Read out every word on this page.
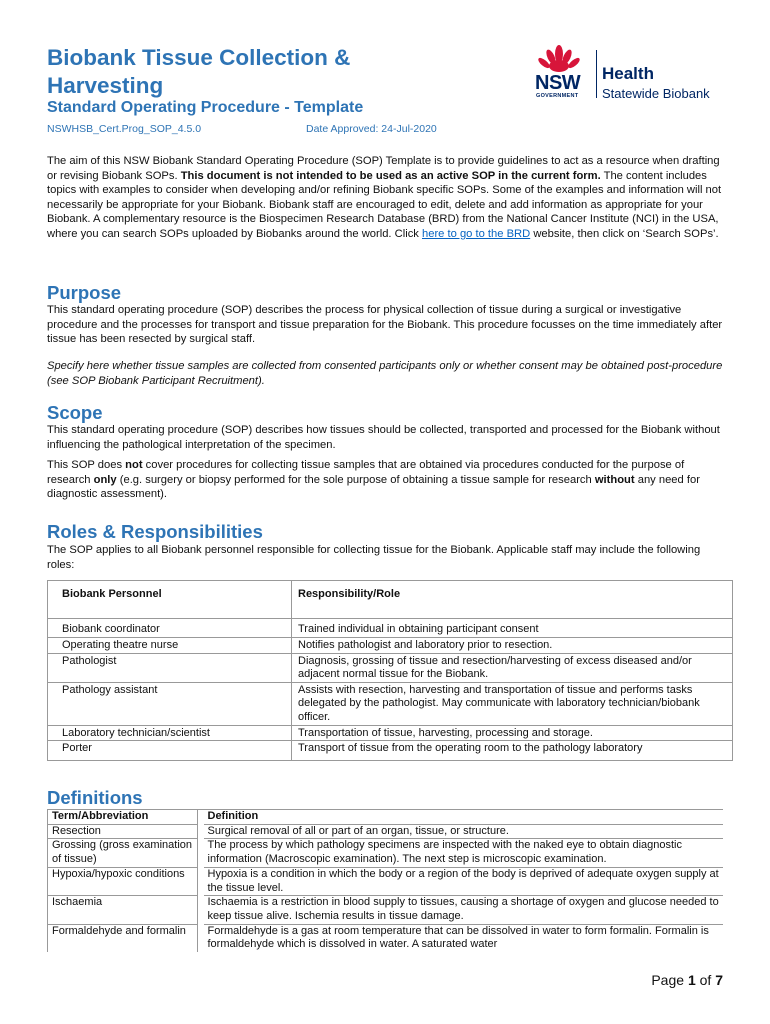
Biobank Tissue Collection & Harvesting
Standard Operating Procedure - Template
NSWHSB_Cert.Prog_SOP_4.5.0	Date Approved: 24-Jul-2020
NSW
GOVERNMENT
Health
Statewide Biobank
The aim of this NSW Biobank Standard Operating Procedure (SOP) Template is to provide guidelines to act as a resource when drafting or revising Biobank SOPs. This document is not intended to be used as an active SOP in the current form. The content includes topics with examples to consider when developing and/or refining Biobank specific SOPs. Some of the examples and information will not necessarily be appropriate for your Biobank. Biobank staff are encouraged to edit, delete and add information as appropriate for your Biobank. A complementary resource is the Biospecimen Research Database (BRD) from the National Cancer Institute (NCI) in the USA, where you can search SOPs uploaded by Biobanks around the world. Click here to go to the BRD website, then click on ‘Search SOPs’.
Purpose
This standard operating procedure (SOP) describes the process for physical collection of tissue during a surgical or investigative procedure and the processes for transport and tissue preparation for the Biobank. This procedure focusses on the time immediately after tissue has been resected by surgical staff.
Specify here whether tissue samples are collected from consented participants only or whether consent may be obtained post-procedure (see SOP Biobank Participant Recruitment).
Scope
This standard operating procedure (SOP) describes how tissues should be collected, transported and processed for the Biobank without influencing the pathological interpretation of the specimen.
This SOP does not cover procedures for collecting tissue samples that are obtained via procedures conducted for the purpose of research only (e.g. surgery or biopsy performed for the sole purpose of obtaining a tissue sample for research without any need for diagnostic assessment).
Roles & Responsibilities
The SOP applies to all Biobank personnel responsible for collecting tissue for the Biobank. Applicable staff may include the following roles:
Biobank Personnel	Responsibility/Role
Biobank coordinator	Trained individual in obtaining participant consent
Operating theatre nurse	Notifies pathologist and laboratory prior to resection.
Pathologist	Diagnosis, grossing of tissue and resection/harvesting of excess diseased and/or adjacent normal tissue for the Biobank.
Pathology assistant	Assists with resection, harvesting and transportation of tissue and performs tasks delegated by the pathologist. May communicate with laboratory technician/biobank officer.
Laboratory technician/scientist	Transportation of tissue, harvesting, processing and storage.
Porter	Transport of tissue from the operating room to the pathology laboratory
Definitions
Term/Abbreviation		Definition
Resection		Surgical removal of all or part of an organ, tissue, or structure.
Grossing (gross examination of tissue)		The process by which pathology specimens are inspected with the naked eye to obtain diagnostic information (Macroscopic examination). The next step is microscopic examination.
Hypoxia/hypoxic conditions		Hypoxia is a condition in which the body or a region of the body is deprived of adequate oxygen supply at the tissue level.
Ischaemia		Ischaemia is a restriction in blood supply to tissues, causing a shortage of oxygen and glucose needed to keep tissue alive. Ischemia results in tissue damage.
Formaldehyde and formalin		Formaldehyde is a gas at room temperature that can be dissolved in water to form formalin. Formalin is formaldehyde which is dissolved in water. A saturated water
Page 1 of 7
